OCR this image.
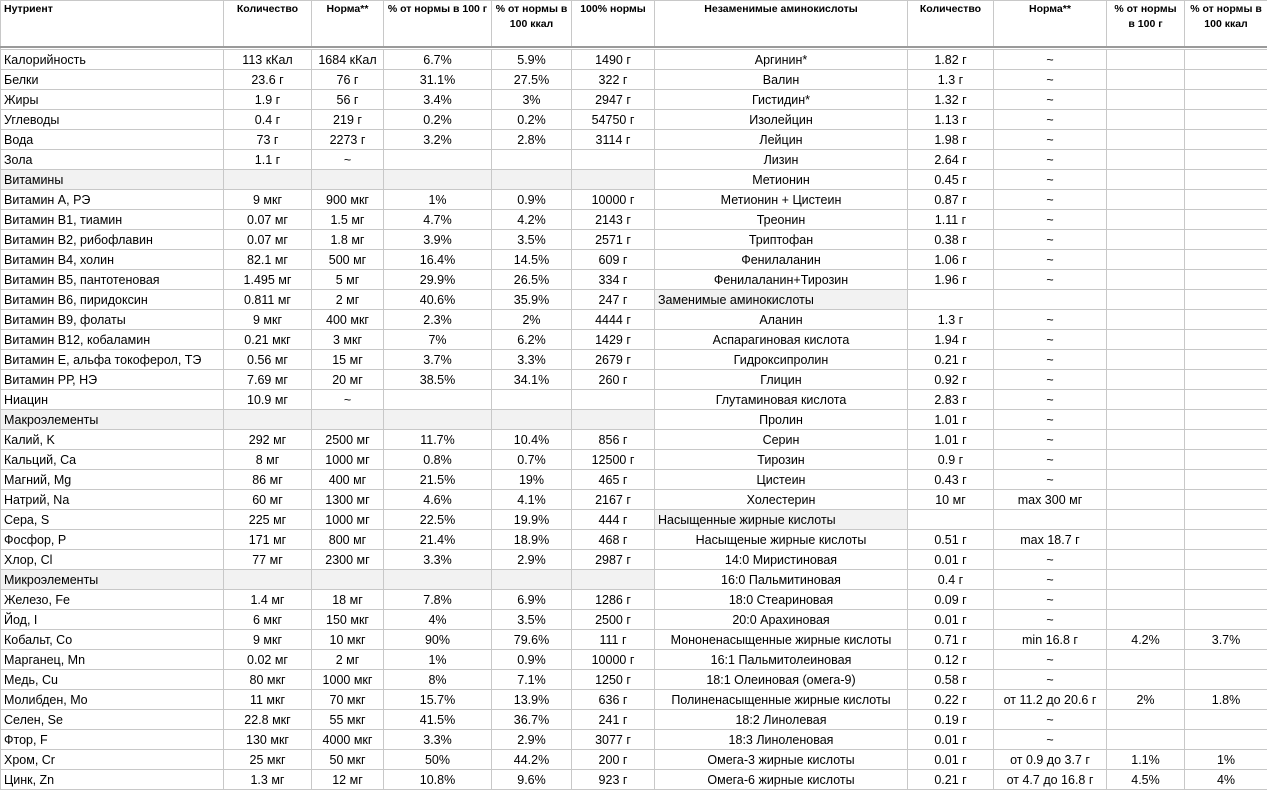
Нутриент	Количество	Норма**	% от нормы в 100 г	% от нормы в 100 ккал	100% нормы	Незаменимые аминокислоты	Количество	Норма**	% от нормы в 100 г	% от нормы в 100 ккал

Калорийность	113 кКал	1684 кКал	6.7%	5.9%	1490 г	Аргинин*	1.82 г	~		
Белки	23.6 г	76 г	31.1%	27.5%	322 г	Валин	1.3 г	~		
Жиры	1.9 г	56 г	3.4%	3%	2947 г	Гистидин*	1.32 г	~		
Углеводы	0.4 г	219 г	0.2%	0.2%	54750 г	Изолейцин	1.13 г	~		
Вода	73 г	2273 г	3.2%	2.8%	3114 г	Лейцин	1.98 г	~		
Зола	1.1 г	~				Лизин	2.64 г	~		
Витамины						Метионин	0.45 г	~		
Витамин А, РЭ	9 мкг	900 мкг	1%	0.9%	10000 г	Метионин + Цистеин	0.87 г	~		
Витамин В1, тиамин	0.07 мг	1.5 мг	4.7%	4.2%	2143 г	Треонин	1.11 г	~		
Витамин В2, рибофлавин	0.07 мг	1.8 мг	3.9%	3.5%	2571 г	Триптофан	0.38 г	~		
Витамин В4, холин	82.1 мг	500 мг	16.4%	14.5%	609 г	Фенилаланин	1.06 г	~		
Витамин В5, пантотеновая	1.495 мг	5 мг	29.9%	26.5%	334 г	Фенилаланин+Тирозин	1.96 г	~		
Витамин В6, пиридоксин	0.811 мг	2 мг	40.6%	35.9%	247 г	Заменимые аминокислоты				
Витамин В9, фолаты	9 мкг	400 мкг	2.3%	2%	4444 г	Аланин	1.3 г	~		
Витамин В12, кобаламин	0.21 мкг	3 мкг	7%	6.2%	1429 г	Аспарагиновая кислота	1.94 г	~		
Витамин Е, альфа токоферол, ТЭ	0.56 мг	15 мг	3.7%	3.3%	2679 г	Гидроксипролин	0.21 г	~		
Витамин РР, НЭ	7.69 мг	20 мг	38.5%	34.1%	260 г	Глицин	0.92 г	~		
Ниацин	10.9 мг	~				Глутаминовая кислота	2.83 г	~		
Макроэлементы						Пролин	1.01 г	~		
Калий, K	292 мг	2500 мг	11.7%	10.4%	856 г	Серин	1.01 г	~		
Кальций, Ca	8 мг	1000 мг	0.8%	0.7%	12500 г	Тирозин	0.9 г	~		
Магний, Mg	86 мг	400 мг	21.5%	19%	465 г	Цистеин	0.43 г	~		
Натрий, Na	60 мг	1300 мг	4.6%	4.1%	2167 г	Холестерин	10 мг	max 300 мг		
Сера, S	225 мг	1000 мг	22.5%	19.9%	444 г	Насыщенные жирные кислоты				
Фосфор, Р	171 мг	800 мг	21.4%	18.9%	468 г	Насыщеные жирные кислоты	0.51 г	max 18.7 г		
Хлор, Cl	77 мг	2300 мг	3.3%	2.9%	2987 г	14:0 Миристиновая	0.01 г	~		
Микроэлементы						16:0 Пальмитиновая	0.4 г	~		
Железо, Fe	1.4 мг	18 мг	7.8%	6.9%	1286 г	18:0 Стеариновая	0.09 г	~		
Йод, I	6 мкг	150 мкг	4%	3.5%	2500 г	20:0 Арахиновая	0.01 г	~		
Кобальт, Co	9 мкг	10 мкг	90%	79.6%	111 г	Мононенасыщенные жирные кислоты	0.71 г	min 16.8 г	4.2%	3.7%
Марганец, Mn	0.02 мг	2 мг	1%	0.9%	10000 г	16:1 Пальмитолеиновая	0.12 г	~		
Медь, Cu	80 мкг	1000 мкг	8%	7.1%	1250 г	18:1 Олеиновая (омега-9)	0.58 г	~		
Молибден, Mo	11 мкг	70 мкг	15.7%	13.9%	636 г	Полиненасыщенные жирные кислоты	0.22 г	от 11.2 до 20.6 г	2%	1.8%
Селен, Se	22.8 мкг	55 мкг	41.5%	36.7%	241 г	18:2 Линолевая	0.19 г	~		
Фтор, F	130 мкг	4000 мкг	3.3%	2.9%	3077 г	18:3 Линоленовая	0.01 г	~		
Хром, Cr	25 мкг	50 мкг	50%	44.2%	200 г	Омега-3 жирные кислоты	0.01 г	от 0.9 до 3.7 г	1.1%	1%
Цинк, Zn	1.3 мг	12 мг	10.8%	9.6%	923 г	Омега-6 жирные кислоты	0.21 г	от 4.7 до 16.8 г	4.5%	4%
